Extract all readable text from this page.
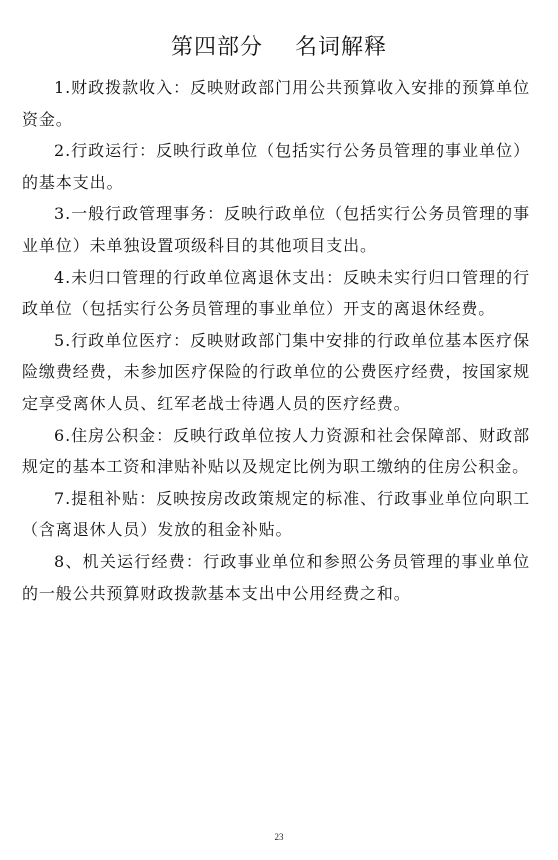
第四部分    名词解释

1.财政拨款收入：反映财政部门用公共预算收入安排的预算单位资金。

2.行政运行：反映行政单位（包括实行公务员管理的事业单位）的基本支出。

3.一般行政管理事务：反映行政单位（包括实行公务员管理的事业单位）未单独设置项级科目的其他项目支出。

4.未归口管理的行政单位离退休支出：反映未实行归口管理的行政单位（包括实行公务员管理的事业单位）开支的离退休经费。

5.行政单位医疗：反映财政部门集中安排的行政单位基本医疗保险缴费经费，未参加医疗保险的行政单位的公费医疗经费，按国家规定享受离休人员、红军老战士待遇人员的医疗经费。

6.住房公积金：反映行政单位按人力资源和社会保障部、财政部规定的基本工资和津贴补贴以及规定比例为职工缴纳的住房公积金。

7.提租补贴：反映按房改政策规定的标准、行政事业单位向职工（含离退休人员）发放的租金补贴。

8、机关运行经费：行政事业单位和参照公务员管理的事业单位的一般公共预算财政拨款基本支出中公用经费之和。

23
